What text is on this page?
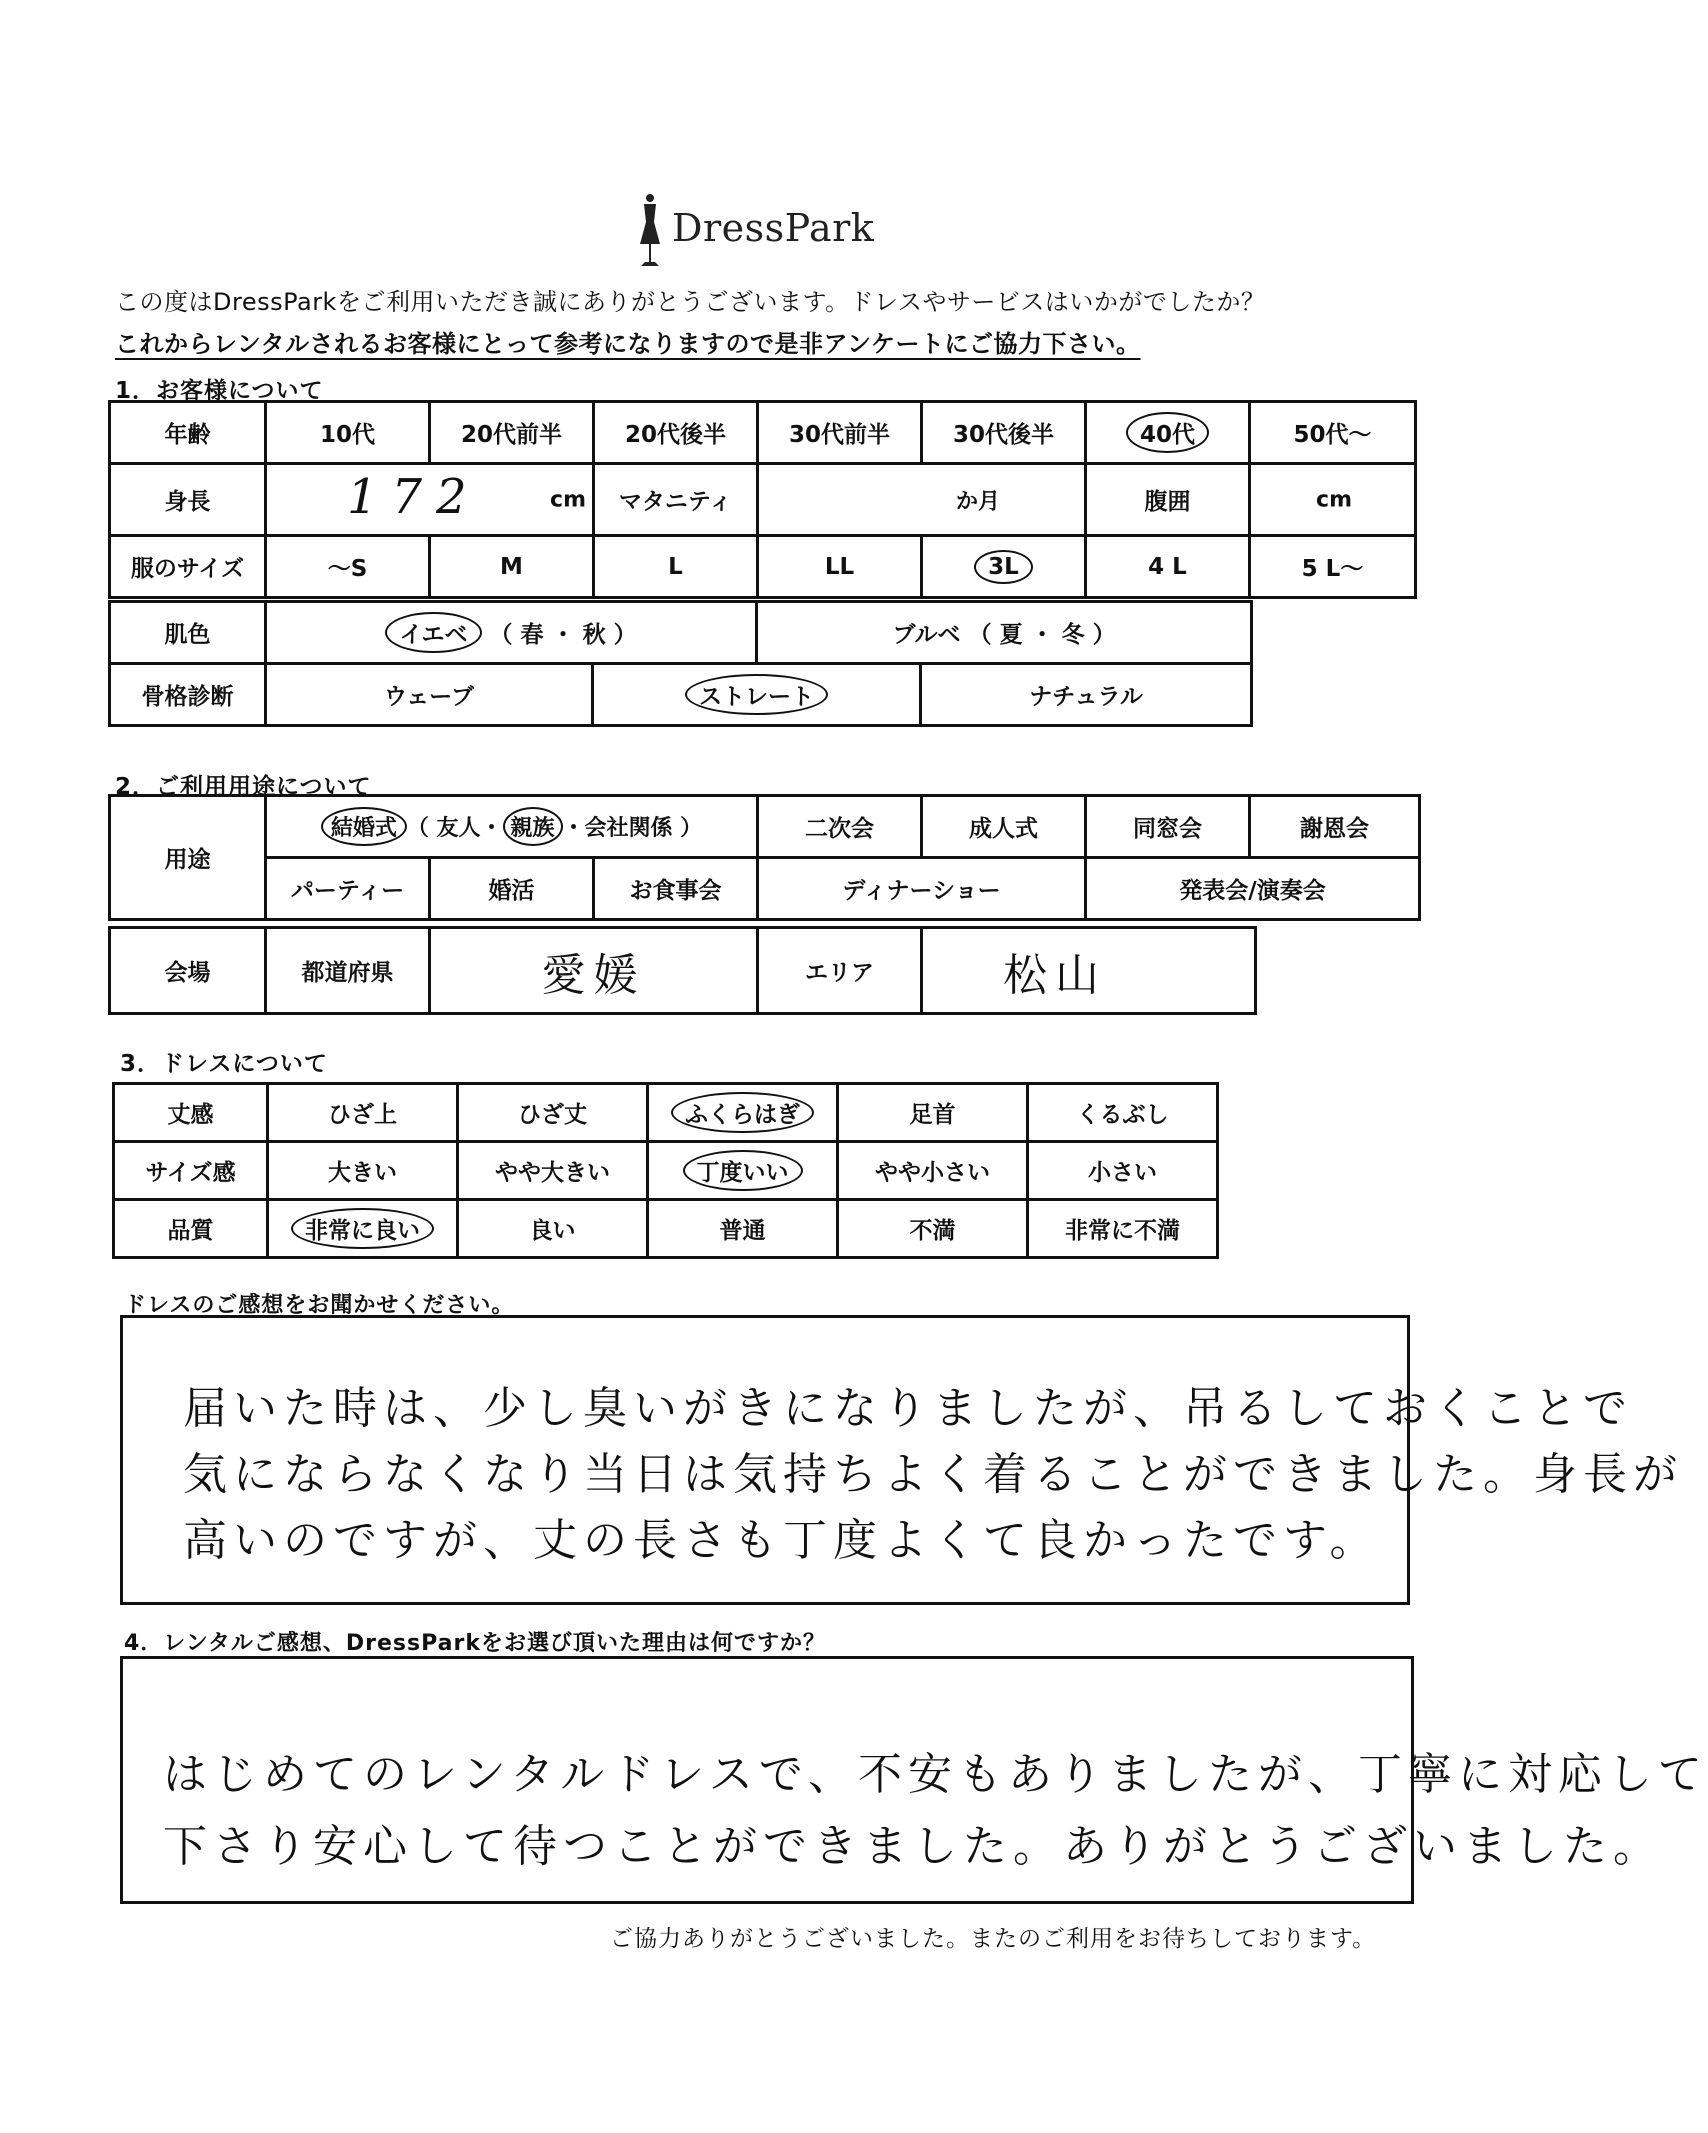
DressPark
この度はDressParkをご利用いただき誠にありがとうございます。ドレスやサービスはいかがでしたか？
これからレンタルされるお客様にとって参考になりますので是非アンケートにご協力下さい。
1．お客様について
年齢	10代	20代前半	20代後半	30代前半	30代後半	40代	50代～
身長	172 cm		マタニティ	か月		腹囲	cm

服のサイズ	～S	M	L	LL	3L	4 L	5 L～
肌色	イエベ （ 春 ・ 秋 ）		ブルベ （ 夏 ・ 冬 ）	
骨格診断	ウェーブ	ストレート		ナチュラル
2．ご利用用途について
用途	結婚式 （ 友人・ 親族 ・会社関係 ）			二次会	成人式	同窓会	謝恩会
	パーティー	婚活	お食事会	ディナーショー		発表会/演奏会	
会場	都道府県	愛媛	エリア	松山
3．ドレスについて
丈感	ひざ上	ひざ丈	ふくらはぎ	足首	くるぶし
サイズ感	大きい	やや大きい	丁度いい	やや小さい	小さい
品質	非常に良い	良い	普通	不満	非常に不満
ドレスのご感想をお聞かせください。
届いた時は、少し臭いがきになりましたが、吊るしておくことで
気にならなくなり当日は気持ちよく着ることができました。身長が
高いのですが、丈の長さも丁度よくて良かったです。
4．レンタルご感想、DressParkをお選び頂いた理由は何ですか？
はじめてのレンタルドレスで、不安もありましたが、丁寧に対応して
下さり安心して待つことができました。ありがとうございました。
ご協力ありがとうございました。またのご利用をお待ちしております。
